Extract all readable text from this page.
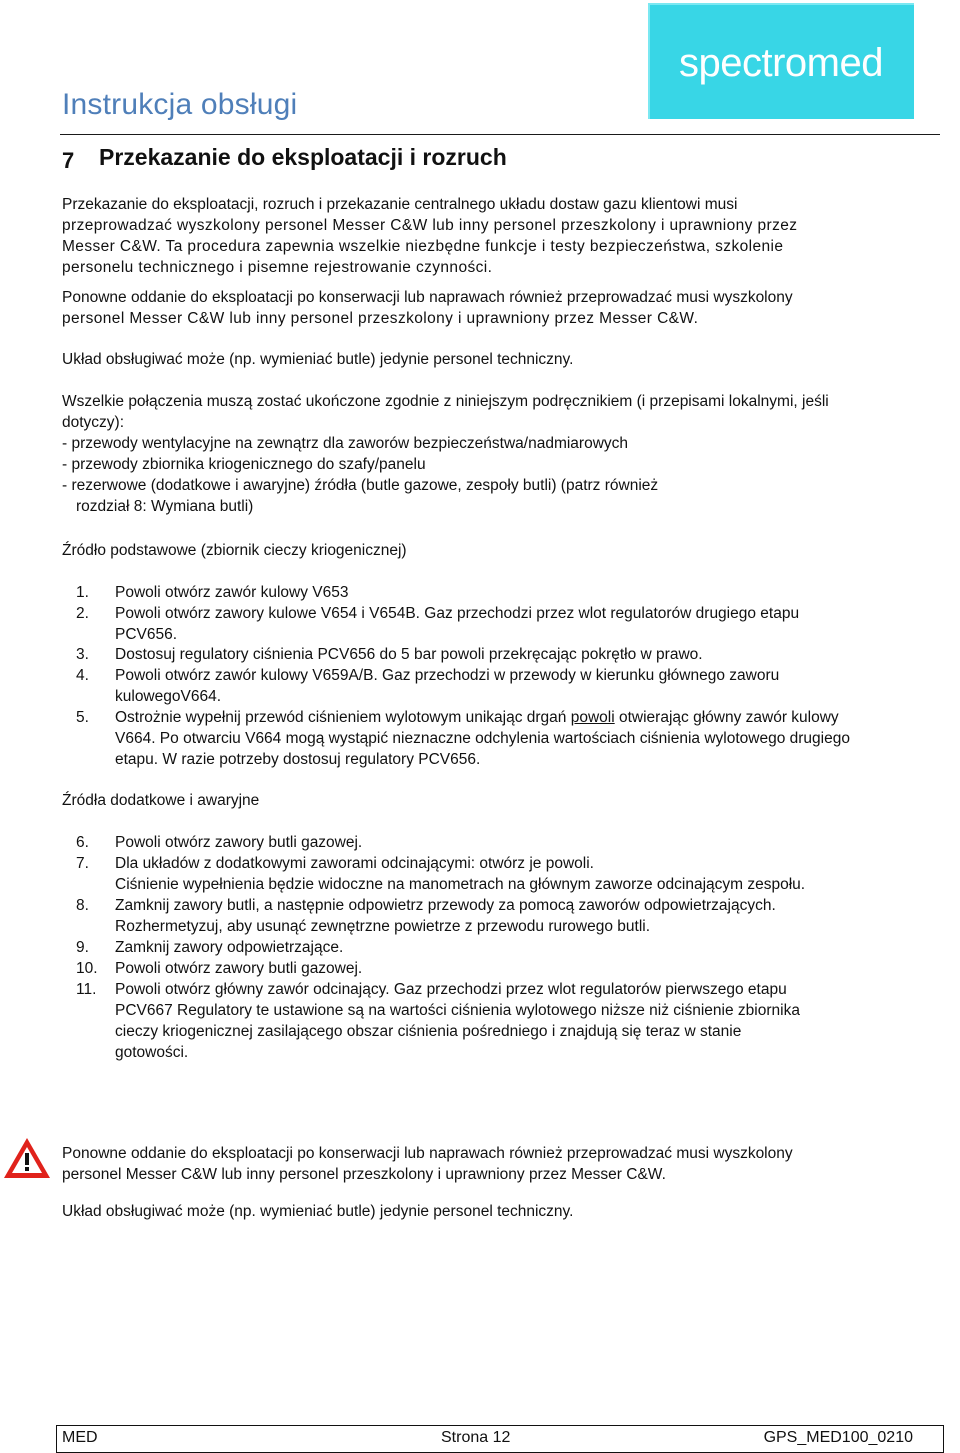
Instrukcja obsługi
spectromed
7 Przekazanie do eksploatacji i rozruch
Przekazanie do eksploatacji, rozruch i przekazanie centralnego układu dostaw gazu klientowi musi
przeprowadzać wyszkolony personel Messer C&W lub inny personel przeszkolony i uprawniony przez
Messer C&W. Ta procedura zapewnia wszelkie niezbędne funkcje i testy bezpieczeństwa, szkolenie
personelu technicznego i pisemne rejestrowanie czynności.
Ponowne oddanie do eksploatacji po konserwacji lub naprawach również przeprowadzać musi wyszkolony
personel Messer C&W lub inny personel przeszkolony i uprawniony przez Messer C&W.
Układ obsługiwać może (np. wymieniać butle) jedynie personel techniczny.
Wszelkie połączenia muszą zostać ukończone zgodnie z niniejszym podręcznikiem (i przepisami lokalnymi, jeśli
dotyczy):
- przewody wentylacyjne na zewnątrz dla zaworów bezpieczeństwa/nadmiarowych
- przewody zbiornika kriogenicznego do szafy/panelu
- rezerwowe (dodatkowe i awaryjne) źródła (butle gazowe, zespoły butli) (patrz również
rozdział 8: Wymiana butli)
Źródło podstawowe (zbiornik cieczy kriogenicznej)
1. Powoli otwórz zawór kulowy V653
2. Powoli otwórz zawory kulowe V654 i V654B. Gaz przechodzi przez wlot regulatorów drugiego etapu
PCV656.
3. Dostosuj regulatory ciśnienia PCV656 do 5 bar powoli przekręcając pokrętło w prawo.
4. Powoli otwórz zawór kulowy V659A/B. Gaz przechodzi w przewody w kierunku głównego zaworu
kulowegoV664.
5. Ostrożnie wypełnij przewód ciśnieniem wylotowym unikając drgań powoli otwierając główny zawór kulowy
V664. Po otwarciu V664 mogą wystąpić nieznaczne odchylenia wartościach ciśnienia wylotowego drugiego
etapu. W razie potrzeby dostosuj regulatory PCV656.
Źródła dodatkowe i awaryjne
6. Powoli otwórz zawory butli gazowej.
7. Dla układów z dodatkowymi zaworami odcinającymi: otwórz je powoli.
Ciśnienie wypełnienia będzie widoczne na manometrach na głównym zaworze odcinającym zespołu.
8. Zamknij zawory butli, a następnie odpowietrz przewody za pomocą zaworów odpowietrzających.
Rozhermetyzuj, aby usunąć zewnętrzne powietrze z przewodu rurowego butli.
9. Zamknij zawory odpowietrzające.
10. Powoli otwórz zawory butli gazowej.
11. Powoli otwórz główny zawór odcinający. Gaz przechodzi przez wlot regulatorów pierwszego etapu
PCV667 Regulatory te ustawione są na wartości ciśnienia wylotowego niższe niż ciśnienie zbiornika
cieczy kriogenicznej zasilającego obszar ciśnienia pośredniego i znajdują się teraz w stanie
gotowości.
Ponowne oddanie do eksploatacji po konserwacji lub naprawach również przeprowadzać musi wyszkolony
personel Messer C&W lub inny personel przeszkolony i uprawniony przez Messer C&W.
Układ obsługiwać może (np. wymieniać butle) jedynie personel techniczny.
MED	Strona 12	GPS_MED100_0210
